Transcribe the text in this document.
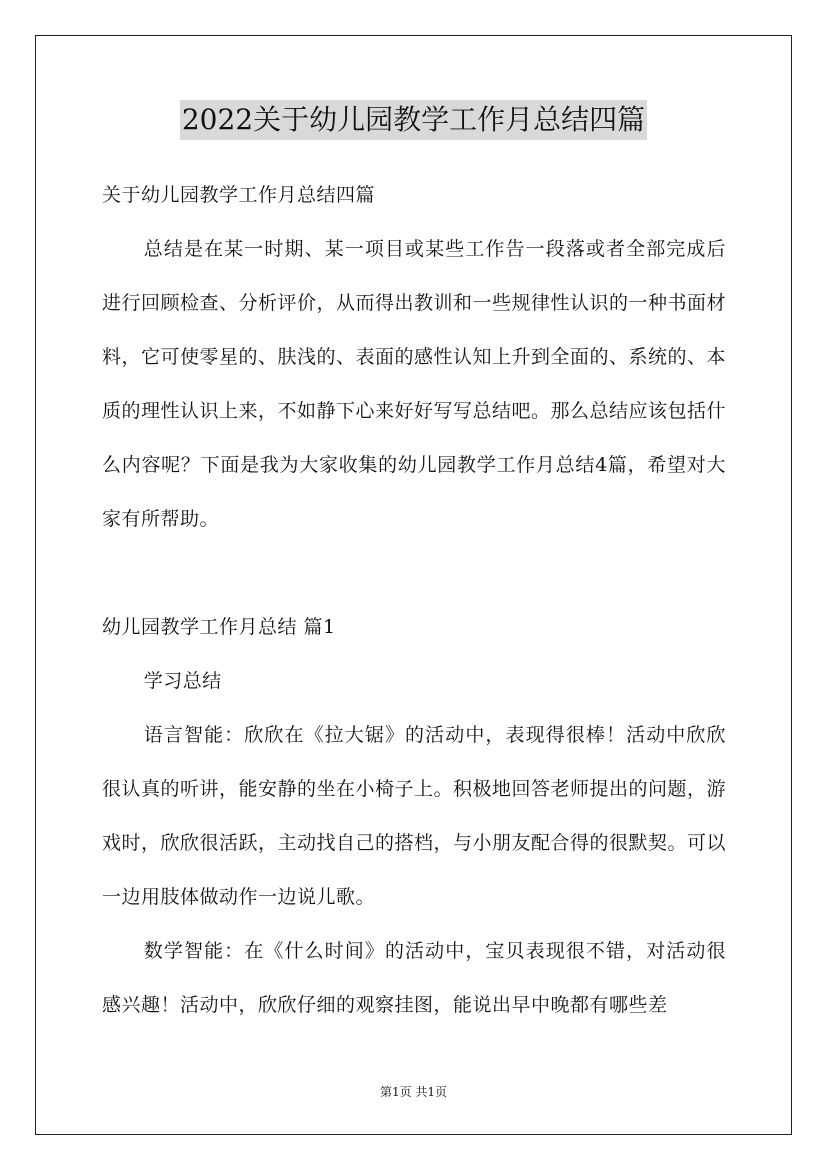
2022关于幼儿园教学工作月总结四篇

关于幼儿园教学工作月总结四篇

总结是在某一时期、某一项目或某些工作告一段落或者全部完成后进行回顾检查、分析评价，从而得出教训和一些规律性认识的一种书面材料，它可使零星的、肤浅的、表面的感性认知上升到全面的、系统的、本质的理性认识上来，不如静下心来好好写写总结吧。那么总结应该包括什么内容呢？下面是我为大家收集的幼儿园教学工作月总结4篇，希望对大家有所帮助。

幼儿园教学工作月总结 篇1

学习总结

语言智能：欣欣在《拉大锯》的活动中，表现得很棒！活动中欣欣很认真的听讲，能安静的坐在小椅子上。积极地回答老师提出的问题，游戏时，欣欣很活跃，主动找自己的搭档，与小朋友配合得的很默契。可以一边用肢体做动作一边说儿歌。

数学智能：在《什么时间》的活动中，宝贝表现很不错，对活动很感兴趣！活动中，欣欣仔细的观察挂图，能说出早中晚都有哪些差

第1页 共1页
